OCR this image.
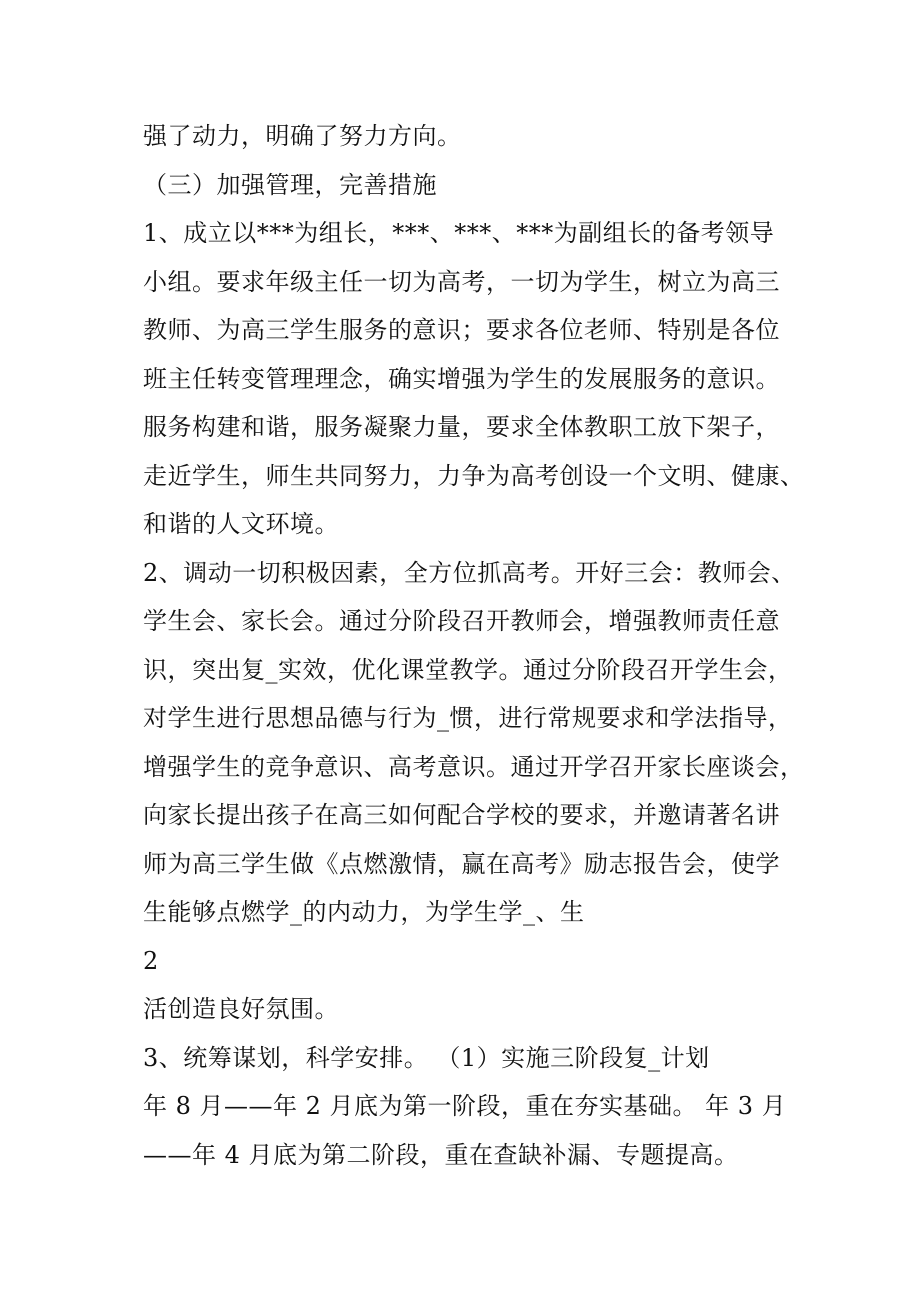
强了动力，明确了努力方向。
（三）加强管理，完善措施
1、成立以***为组长，***、***、***为副组长的备考领导
小组。要求年级主任一切为高考，一切为学生，树立为高三
教师、为高三学生服务的意识；要求各位老师、特别是各位
班主任转变管理理念，确实增强为学生的发展服务的意识。
服务构建和谐，服务凝聚力量，要求全体教职工放下架子，
走近学生，师生共同努力，力争为高考创设一个文明、健康、
和谐的人文环境。
2、调动一切积极因素，全方位抓高考。开好三会：教师会、
学生会、家长会。通过分阶段召开教师会，增强教师责任意
识，突出复_实效，优化课堂教学。通过分阶段召开学生会，
对学生进行思想品德与行为_惯，进行常规要求和学法指导，
增强学生的竞争意识、高考意识。通过开学召开家长座谈会，
向家长提出孩子在高三如何配合学校的要求，并邀请著名讲
师为高三学生做《点燃激情，赢在高考》励志报告会，使学
生能够点燃学_的内动力，为学生学_、生
2
活创造良好氛围。
3、统筹谋划，科学安排。 （1）实施三阶段复_计划
年 8 月——年 2 月底为第一阶段，重在夯实基础。 年 3 月
——年 4 月底为第二阶段，重在查缺补漏、专题提高。
